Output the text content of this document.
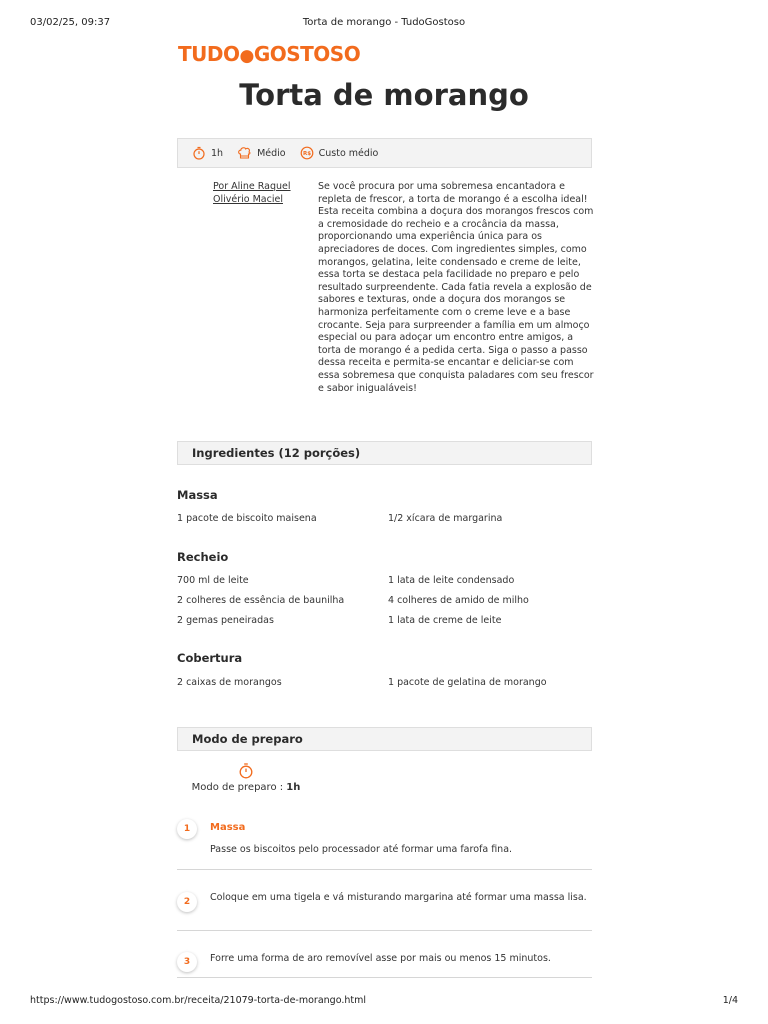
03/02/25, 09:37	Torta de morango - TudoGostoso
TUDO●GOSTOSO
Torta de morango
1h	Médio	R$ Custo médio
Por Aline Raquel Olivério Maciel

Se você procura por uma sobremesa encantadora e repleta de frescor, a torta de morango é a escolha ideal! Esta receita combina a doçura dos morangos frescos com a cremosidade do recheio e a crocância da massa, proporcionando uma experiência única para os apreciadores de doces. Com ingredientes simples, como morangos, gelatina, leite condensado e creme de leite, essa torta se destaca pela facilidade no preparo e pelo resultado surpreendente. Cada fatia revela a explosão de sabores e texturas, onde a doçura dos morangos se harmoniza perfeitamente com o creme leve e a base crocante. Seja para surpreender a família em um almoço especial ou para adoçar um encontro entre amigos, a torta de morango é a pedida certa. Siga o passo a passo dessa receita e permita-se encantar e deliciar-se com essa sobremesa que conquista paladares com seu frescor e sabor inigualáveis!

Ingredientes (12 porções)
Massa
1 pacote de biscoito maisena	1/2 xícara de margarina
Recheio
700 ml de leite	1 lata de leite condensado
2 colheres de essência de baunilha	4 colheres de amido de milho
2 gemas peneiradas	1 lata de creme de leite
Cobertura
2 caixas de morangos	1 pacote de gelatina de morango
Modo de preparo
Modo de preparo : 1h
1	Massa
Passe os biscoitos pelo processador até formar uma farofa fina.
2	Coloque em uma tigela e vá misturando margarina até formar uma massa lisa.
3	Forre uma forma de aro removível asse por mais ou menos 15 minutos.
https://www.tudogostoso.com.br/receita/21079-torta-de-morango.html	1/4
